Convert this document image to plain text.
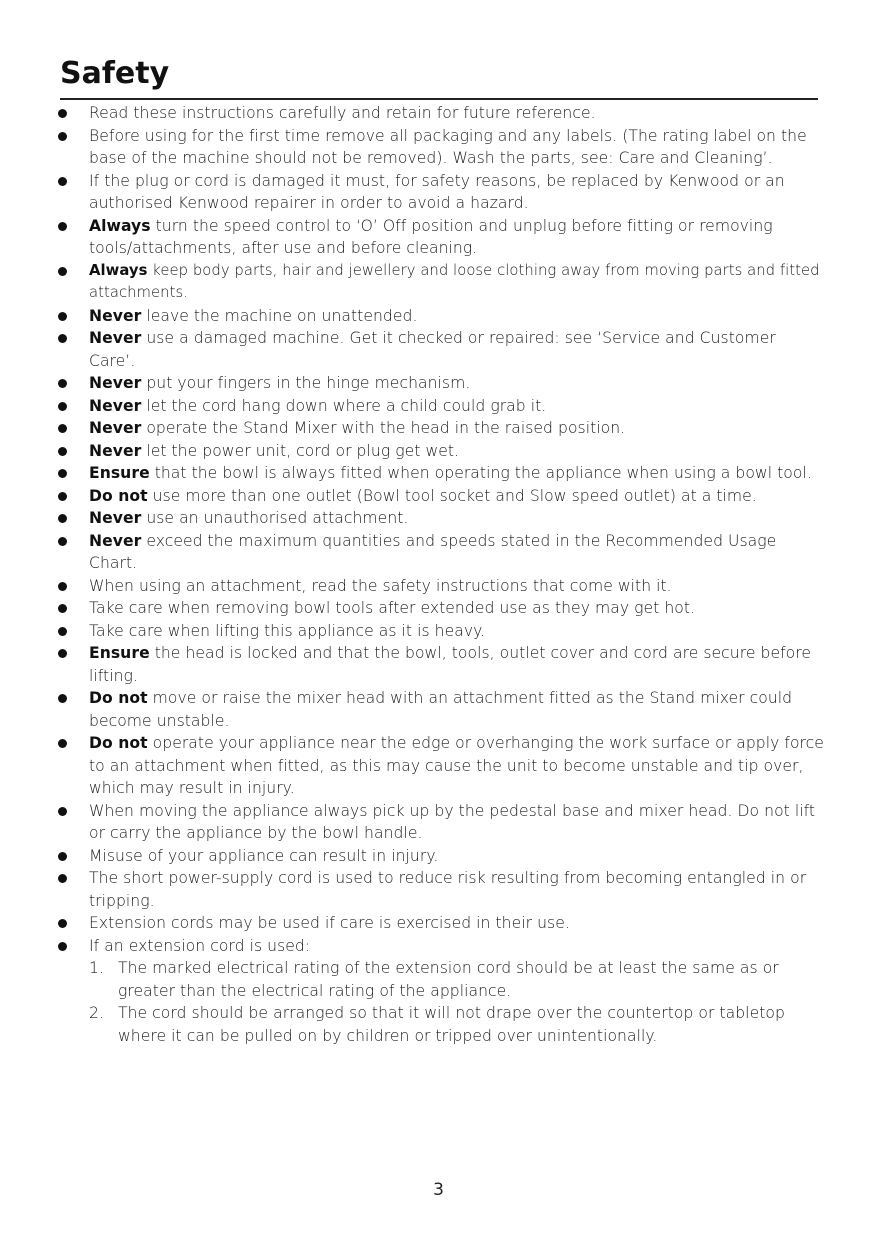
Safety
Read these instructions carefully and retain for future reference.
Before using for the first time remove all packaging and any labels. (The rating label on the base of the machine should not be removed). Wash the parts, see: Care and Cleaning’.
If the plug or cord is damaged it must, for safety reasons, be replaced by Kenwood or an authorised Kenwood repairer in order to avoid a hazard.
Always turn the speed control to ‘O’ Off position and unplug before fitting or removing tools/attachments, after use and before cleaning.
Always keep body parts, hair and jewellery and loose clothing away from moving parts and fitted attachments.
Never leave the machine on unattended.
Never use a damaged machine. Get it checked or repaired: see ‘Service and Customer Care’.
Never put your fingers in the hinge mechanism.
Never let the cord hang down where a child could grab it.
Never operate the Stand Mixer with the head in the raised position.
Never let the power unit, cord or plug get wet.
Ensure that the bowl is always fitted when operating the appliance when using a bowl tool.
Do not use more than one outlet (Bowl tool socket and Slow speed outlet) at a time.
Never use an unauthorised attachment.
Never exceed the maximum quantities and speeds stated in the Recommended Usage Chart.
When using an attachment, read the safety instructions that come with it.
Take care when removing bowl tools after extended use as they may get hot.
Take care when lifting this appliance as it is heavy.
Ensure the head is locked and that the bowl, tools, outlet cover and cord are secure before lifting.
Do not move or raise the mixer head with an attachment fitted as the Stand mixer could become unstable.
Do not operate your appliance near the edge or overhanging the work surface or apply force to an attachment when fitted, as this may cause the unit to become unstable and tip over, which may result in injury.
When moving the appliance always pick up by the pedestal base and mixer head. Do not lift or carry the appliance by the bowl handle.
Misuse of your appliance can result in injury.
The short power-supply cord is used to reduce risk resulting from becoming entangled in or tripping.
Extension cords may be used if care is exercised in their use.
If an extension cord is used:
1. The marked electrical rating of the extension cord should be at least the same as or greater than the electrical rating of the appliance.
2. The cord should be arranged so that it will not drape over the countertop or tabletop where it can be pulled on by children or tripped over unintentionally.
3
